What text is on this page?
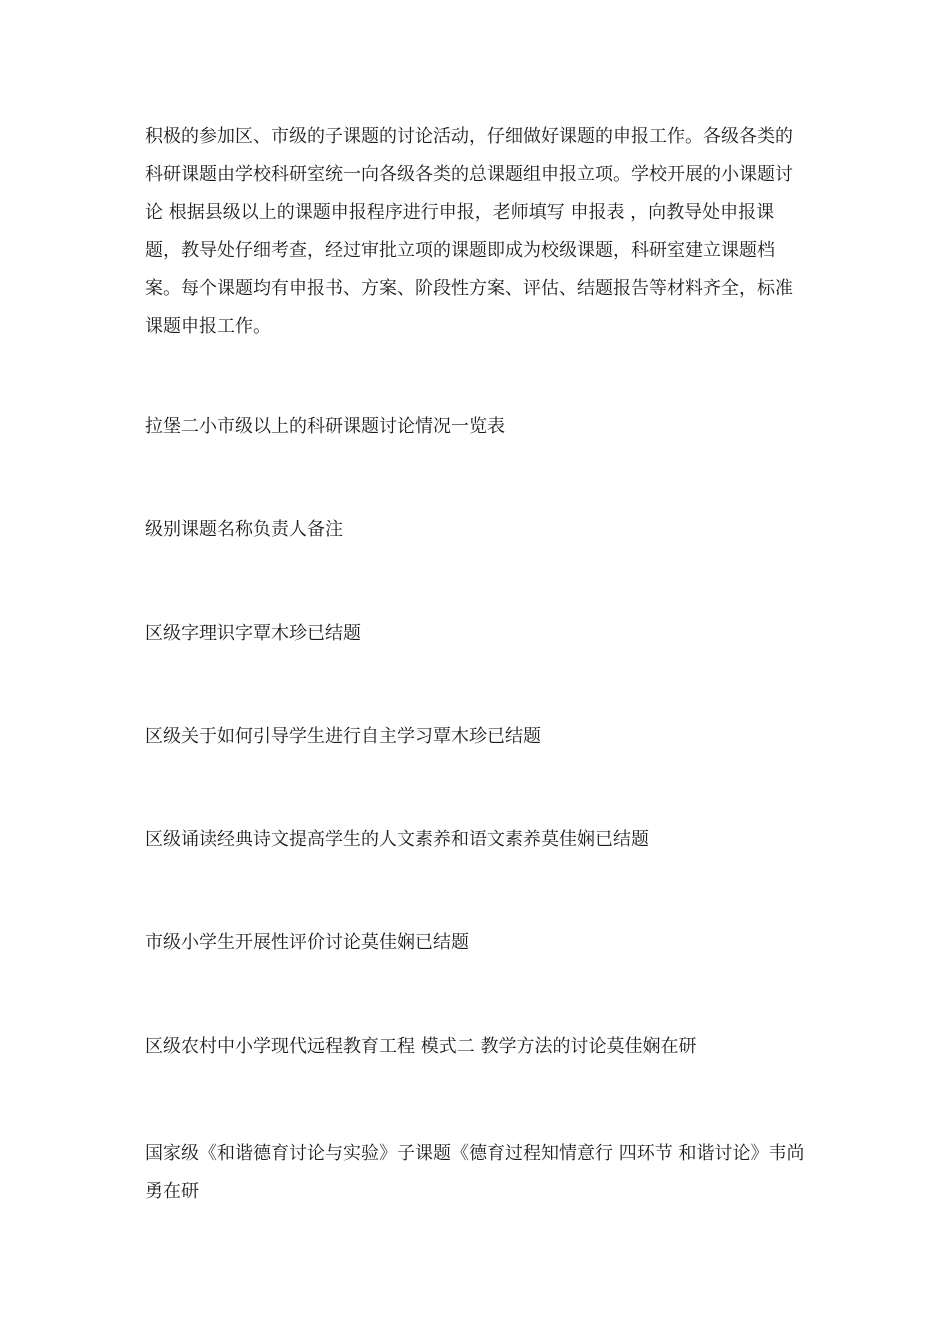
积极的参加区、市级的子课题的讨论活动，仔细做好课题的申报工作。各级各类的科研课题由学校科研室统一向各级各类的总课题组申报立项。学校开展的小课题讨论 根据县级以上的课题申报程序进行申报，老师填写 申报表 ，向教导处申报课题，教导处仔细考查，经过审批立项的课题即成为校级课题，科研室建立课题档案。每个课题均有申报书、方案、阶段性方案、评估、结题报告等材料齐全，标准课题申报工作。

拉堡二小市级以上的科研课题讨论情况一览表

级别课题名称负责人备注

区级字理识字覃木珍已结题

区级关于如何引导学生进行自主学习覃木珍已结题

区级诵读经典诗文提高学生的人文素养和语文素养莫佳娴已结题

市级小学生开展性评价讨论莫佳娴已结题

区级农村中小学现代远程教育工程 模式二 教学方法的讨论莫佳娴在研

国家级《和谐德育讨论与实验》子课题《德育过程知情意行 四环节 和谐讨论》韦尚勇在研
